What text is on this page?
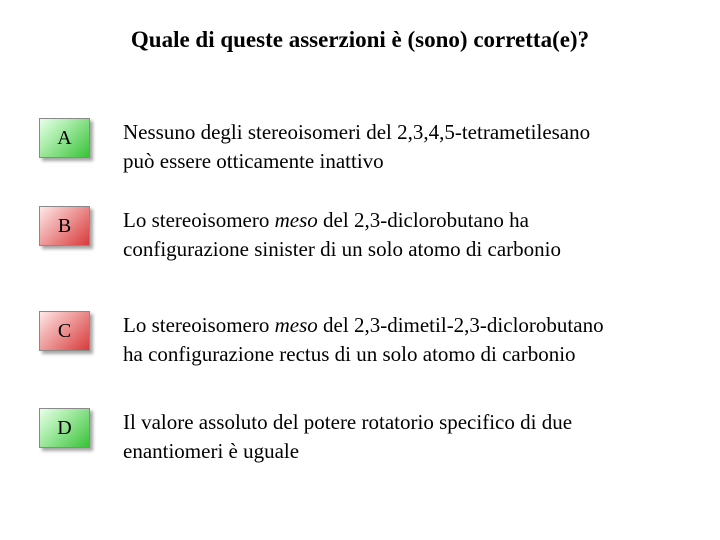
Quale di queste asserzioni è (sono) corretta(e)?
A Nessuno degli stereoisomeri del 2,3,4,5-tetrametilesano
può essere otticamente inattivo
B Lo stereoisomero meso del 2,3-diclorobutano ha
configurazione sinister di un solo atomo di carbonio
C Lo stereoisomero meso del 2,3-dimetil-2,3-diclorobutano
ha configurazione rectus di un solo atomo di carbonio
D Il valore assoluto del potere rotatorio specifico di due
enantiomeri è uguale
